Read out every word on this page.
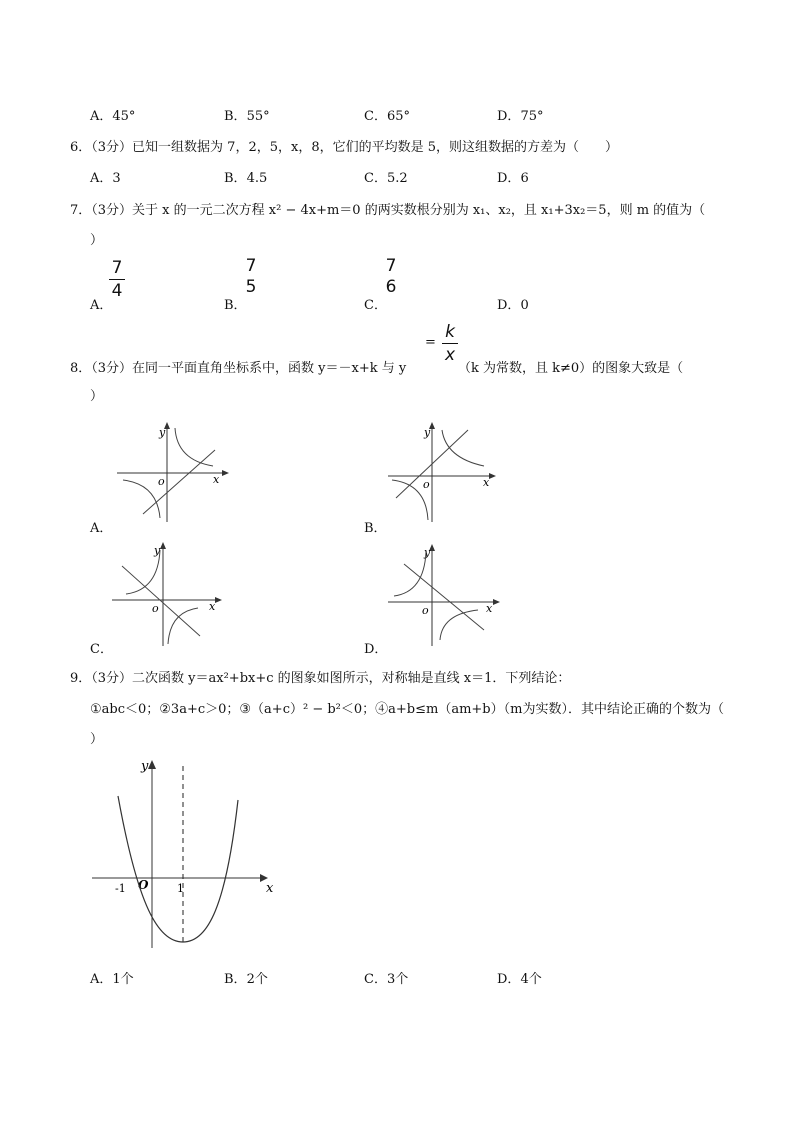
A．45°	B．55°	C．65°	D．75°
6．（3分）已知一组数据为 7，2，5，x，8，它们的平均数是 5，则这组数据的方差为（　　）
A．3	B．4.5	C．5.2	D．6
7．（3分）关于 x 的一元二次方程 x² − 4x+m＝0 的两实数根分别为 x₁、x₂，且 x₁+3x₂＝5，则 m 的值为（
）
A．
7
4
B．
7
5
C．
7
6
D．0
=
k
x
8．（3分）在同一平面直角坐标系中，函数 y＝－x+k 与 y	（k 为常数，且 k≠0）的图象大致是（
）
y
x
o
A．
y
x
o
B．
y
x
o
C．
y
x
o
D．
9．（3分）二次函数 y＝ax²+bx+c 的图象如图所示，对称轴是直线 x＝1．下列结论：
①abc＜0；②3a+c＞0；③（a+c）² − b²＜0；④a+b≤m（am+b）（m为实数）．其中结论正确的个数为（
）
y
x
O
-1	1
A．1个	B．2个	C．3个	D．4个
